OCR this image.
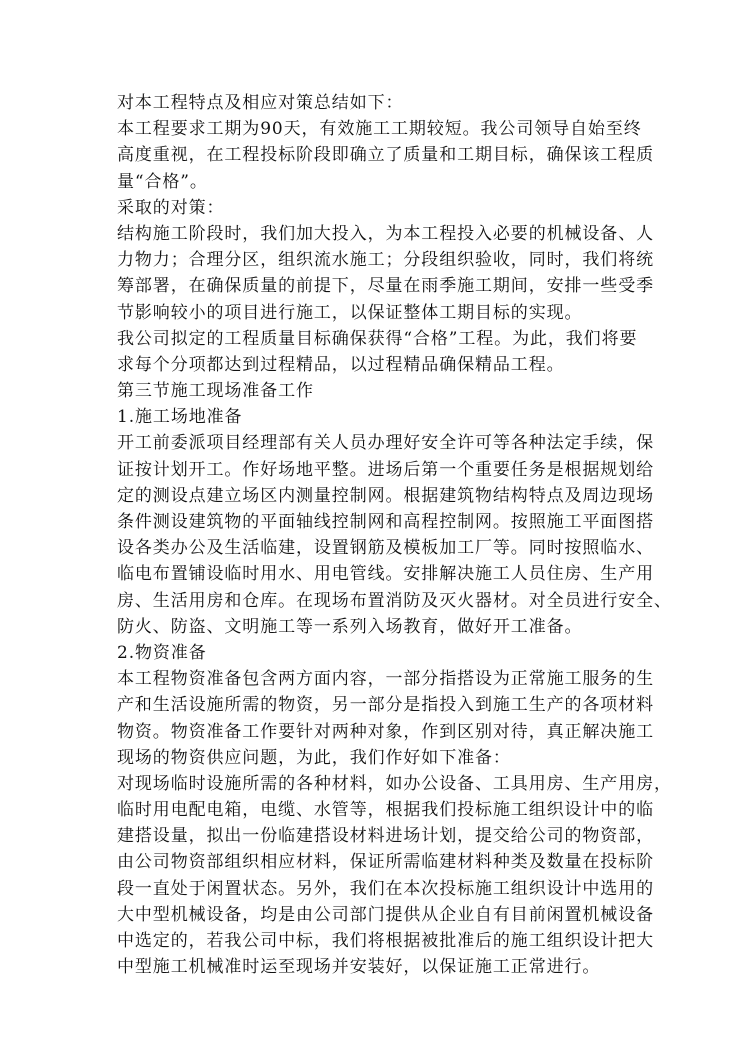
对本工程特点及相应对策总结如下：
本工程要求工期为90天，有效施工工期较短。我公司领导自始至终
高度重视，在工程投标阶段即确立了质量和工期目标，确保该工程质
量“合格”。
采取的对策：
结构施工阶段时，我们加大投入，为本工程投入必要的机械设备、人
力物力；合理分区，组织流水施工；分段组织验收，同时，我们将统
筹部署，在确保质量的前提下，尽量在雨季施工期间，安排一些受季
节影响较小的项目进行施工，以保证整体工期目标的实现。
我公司拟定的工程质量目标确保获得“合格”工程。为此，我们将要
求每个分项都达到过程精品，以过程精品确保精品工程。
第三节施工现场准备工作
1.施工场地准备
开工前委派项目经理部有关人员办理好安全许可等各种法定手续，保
证按计划开工。作好场地平整。进场后第一个重要任务是根据规划给
定的测设点建立场区内测量控制网。根据建筑物结构特点及周边现场
条件测设建筑物的平面轴线控制网和高程控制网。按照施工平面图搭
设各类办公及生活临建，设置钢筋及模板加工厂等。同时按照临水、
临电布置铺设临时用水、用电管线。安排解决施工人员住房、生产用
房、生活用房和仓库。在现场布置消防及灭火器材。对全员进行安全、
防火、防盗、文明施工等一系列入场教育，做好开工准备。
2.物资准备
本工程物资准备包含两方面内容，一部分指搭设为正常施工服务的生
产和生活设施所需的物资，另一部分是指投入到施工生产的各项材料
物资。物资准备工作要针对两种对象，作到区别对待，真正解决施工
现场的物资供应问题，为此，我们作好如下准备：
对现场临时设施所需的各种材料，如办公设备、工具用房、生产用房，
临时用电配电箱，电缆、水管等，根据我们投标施工组织设计中的临
建搭设量，拟出一份临建搭设材料进场计划，提交给公司的物资部，
由公司物资部组织相应材料，保证所需临建材料种类及数量在投标阶
段一直处于闲置状态。另外，我们在本次投标施工组织设计中选用的
大中型机械设备，均是由公司部门提供从企业自有目前闲置机械设备
中选定的，若我公司中标，我们将根据被批准后的施工组织设计把大
中型施工机械准时运至现场并安装好，以保证施工正常进行。
